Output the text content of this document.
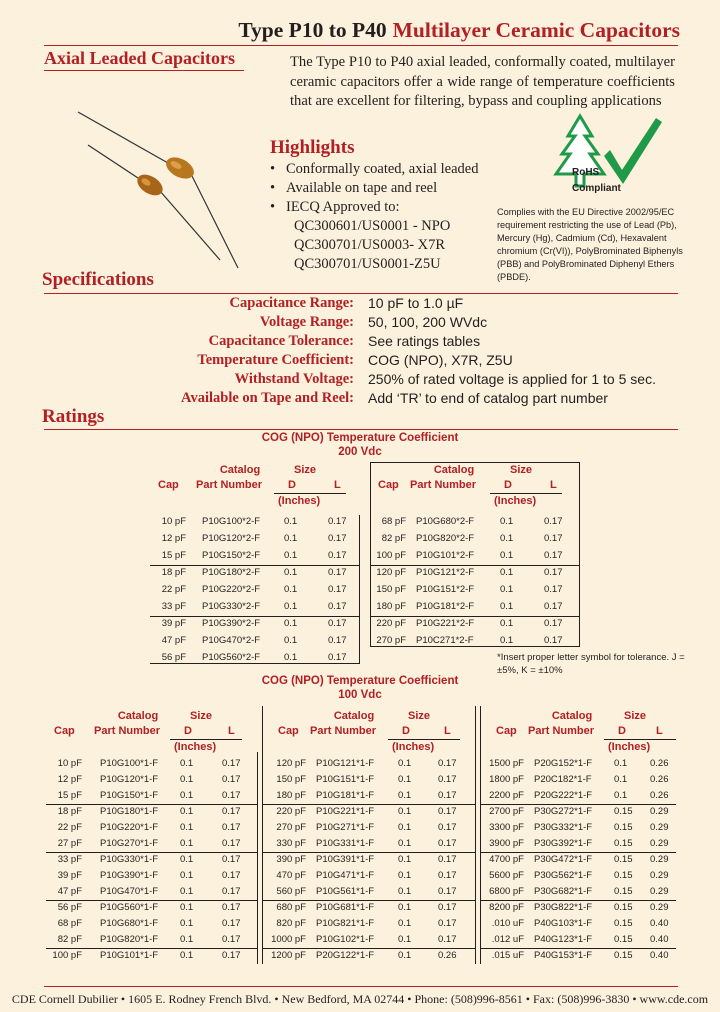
Type P10 to P40 Multilayer Ceramic Capacitors
Axial Leaded Capacitors	The Type P10 to P40 axial leaded, conformally coated, multilayer ceramic capacitors offer a wide range of temperature coefficients that are excellent for filtering, bypass and coupling applications
Highlights
• Conformally coated, axial leaded
• Available on tape and reel
• IECQ Approved to:
QC300601/US0001 - NPO
QC300701/US0003- X7R
QC300701/US0001-Z5U
RoHS
Compliant
Complies with the EU Directive 2002/95/EC requirement restricting the use of Lead (Pb), Mercury (Hg), Cadmium (Cd), Hexavalent chromium (Cr(VI)), PolyBrominated Biphenyls (PBB) and PolyBrominated Diphenyl Ethers (PBDE).
Specifications
Capacitance Range: 10 pF to 1.0 µF
Voltage Range: 50, 100, 200 WVdc
Capacitance Tolerance: See ratings tables
Temperature Coefficient: COG (NPO), X7R, Z5U
Withstand Voltage: 250% of rated voltage is applied for 1 to 5 sec.
Available on Tape and Reel: Add ‘TR’ to end of catalog part number
Ratings
COG (NPO) Temperature Coefficient
200 Vdc
Catalog	Size
Cap Part Number D	L
(Inches)
10 pF P10G100*2-F	0.1	0.17
12 pF P10G120*2-F	0.1	0.17
15 pF P10G150*2-F	0.1	0.17
18 pF P10G180*2-F	0.1	0.17
22 pF P10G220*2-F	0.1	0.17
33 pF P10G330*2-F	0.1	0.17
39 pF P10G390*2-F	0.1	0.17
47 pF P10G470*2-F	0.1	0.17
56 pF P10G560*2-F	0.1	0.17
Catalog	Size
Cap Part Number	D	L
(Inches)
68 pF P10G680*2-F	0.1	0.17
82 pF P10G820*2-F	0.1	0.17
100 pF P10G101*2-F	0.1	0.17
120 pF P10G121*2-F	0.1	0.17
150 pF P10G151*2-F	0.1	0.17
180 pF P10G181*2-F	0.1	0.17
220 pF P10G221*2-F	0.1	0.17
270 pF P10C271*2-F	0.1	0.17
*Insert proper letter symbol for tolerance. J = ±5%, K = ±10%
COG (NPO) Temperature Coefficient
100 Vdc
Catalog	Size
Cap Part Number D	L
(Inches)
10 pF P10G100*1-F 0.1	0.17
12 pF P10G120*1-F 0.1	0.17
15 pF P10G150*1-F 0.1	0.17
18 pF P10G180*1-F 0.1	0.17
22 pF P10G220*1-F 0.1	0.17
27 pF P10G270*1-F 0.1	0.17
33 pF P10G330*1-F 0.1	0.17
39 pF P10G390*1-F 0.1	0.17
47 pF P10G470*1-F 0.1	0.17
56 pF P10G560*1-F 0.1	0.17
68 pF P10G680*1-F 0.1	0.17
82 pF P10G820*1-F 0.1	0.17
100 pF P10G101*1-F 0.1	0.17
Catalog	Size
Cap Part Number D	L
(Inches)
120 pF P10G121*1-F	0.1	0.17
150 pF P10G151*1-F	0.1	0.17
180 pF P10G181*1-F	0.1	0.17
220 pF P10G221*1-F	0.1	0.17
270 pF P10G271*1-F	0.1	0.17
330 pF P10G331*1-F	0.1	0.17
390 pF P10G391*1-F	0.1	0.17
470 pF P10G471*1-F	0.1	0.17
560 pF P10G561*1-F	0.1	0.17
680 pF P10G681*1-F	0.1	0.17
820 pF P10G821*1-F	0.1	0.17
1000 pF P10G102*1-F	0.1	0.17
1200 pF P20G122*1-F	0.1	0.26
Catalog	Size
Cap Part Number D	L
(Inches)
1500 pF P20G152*1-F 0.1 0.26
1800 pF P20C182*1-F 0.1 0.26
2200 pF P20G222*1-F 0.1 0.26
2700 pF P30G272*1-F 0.15 0.29
3300 pF P30G332*1-F 0.15 0.29
3900 pF P30G392*1-F 0.15 0.29
4700 pF P30G472*1-F 0.15 0.29
5600 pF P30G562*1-F 0.15 0.29
6800 pF P30G682*1-F 0.15 0.29
8200 pF P30G822*1-F 0.15 0.29
.010 uF P40G103*1-F 0.15 0.40
.012 uF P40G123*1-F 0.15 0.40
.015 uF P40G153*1-F 0.15 0.40
CDE Cornell Dubilier • 1605 E. Rodney French Blvd. • New Bedford, MA 02744 • Phone: (508)996-8561 • Fax: (508)996-3830 • www.cde.com
